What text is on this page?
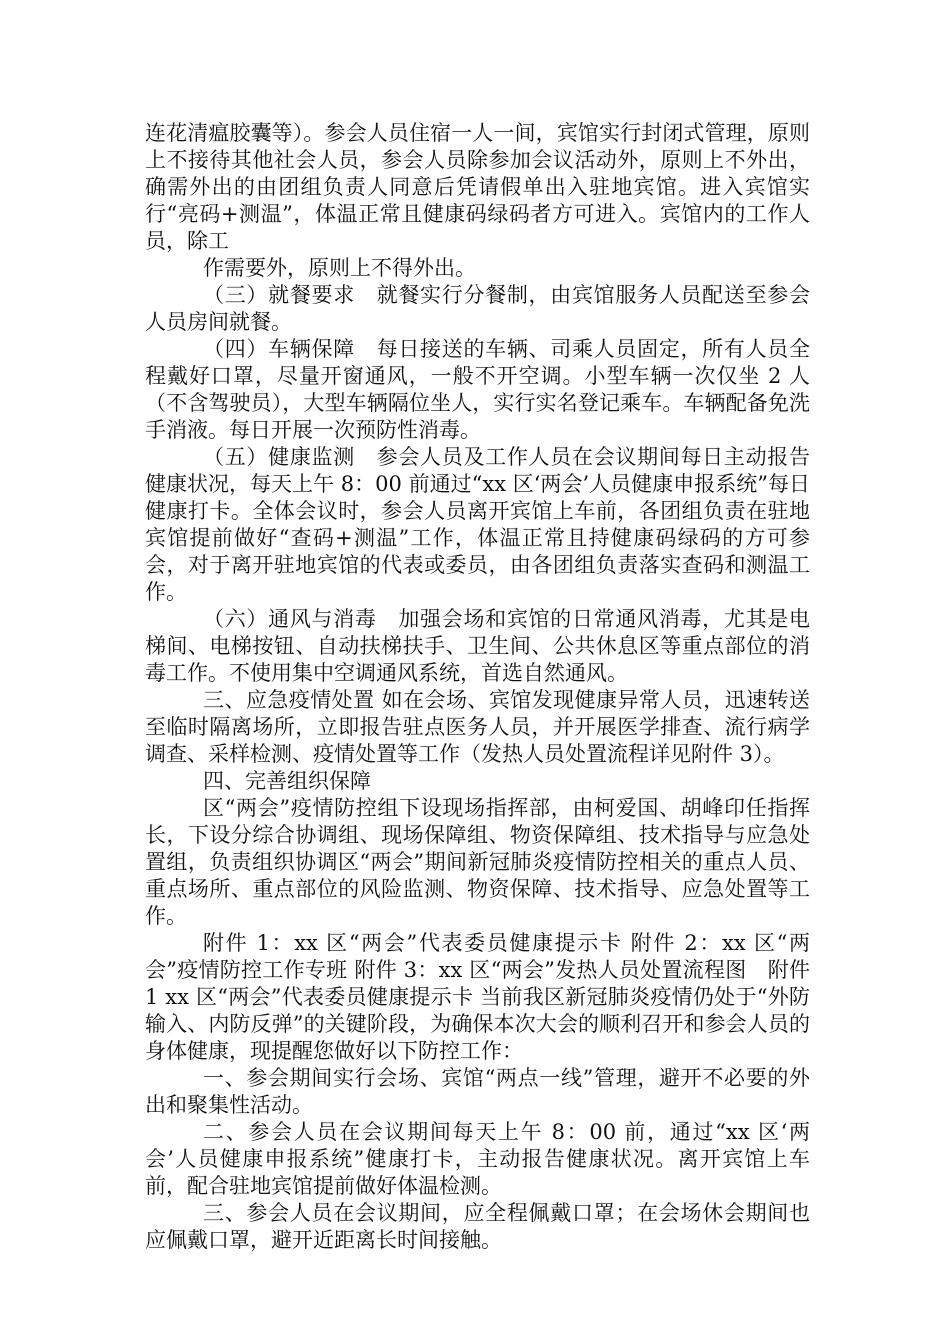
连花清瘟胶囊等）。参会人员住宿一人一间，宾馆实行封闭式管理，原则上不接待其他社会人员，参会人员除参加会议活动外，原则上不外出，确需外出的由团组负责人同意后凭请假单出入驻地宾馆。进入宾馆实行“亮码+测温”，体温正常且健康码绿码者方可进入。宾馆内的工作人员，除工

作需要外，原则上不得外出。

（三）就餐要求　就餐实行分餐制，由宾馆服务人员配送至参会人员房间就餐。

（四）车辆保障　每日接送的车辆、司乘人员固定，所有人员全程戴好口罩，尽量开窗通风，一般不开空调。小型车辆一次仅坐 2 人（不含驾驶员），大型车辆隔位坐人，实行实名登记乘车。车辆配备免洗手消液。每日开展一次预防性消毒。

（五）健康监测　参会人员及工作人员在会议期间每日主动报告健康状况，每天上午 8：00 前通过“xx 区‘两会’人员健康申报系统”每日健康打卡。全体会议时，参会人员离开宾馆上车前，各团组负责在驻地宾馆提前做好“查码+测温”工作，体温正常且持健康码绿码的方可参会，对于离开驻地宾馆的代表或委员，由各团组负责落实查码和测温工作。

（六）通风与消毒　加强会场和宾馆的日常通风消毒，尤其是电梯间、电梯按钮、自动扶梯扶手、卫生间、公共休息区等重点部位的消毒工作。不使用集中空调通风系统，首选自然通风。

三、应急疫情处置 如在会场、宾馆发现健康异常人员，迅速转送至临时隔离场所，立即报告驻点医务人员，并开展医学排查、流行病学调查、采样检测、疫情处置等工作（发热人员处置流程详见附件 3）。

四、完善组织保障

区“两会”疫情防控组下设现场指挥部，由柯爱国、胡峰印任指挥长，下设分综合协调组、现场保障组、物资保障组、技术指导与应急处置组，负责组织协调区“两会”期间新冠肺炎疫情防控相关的重点人员、重点场所、重点部位的风险监测、物资保障、技术指导、应急处置等工作。

附件 1：xx 区“两会”代表委员健康提示卡 附件 2：xx 区“两会”疫情防控工作专班 附件 3：xx 区“两会”发热人员处置流程图　附件 1 xx 区“两会”代表委员健康提示卡 当前我区新冠肺炎疫情仍处于“外防输入、内防反弹”的关键阶段，为确保本次大会的顺利召开和参会人员的身体健康，现提醒您做好以下防控工作：

一、参会期间实行会场、宾馆“两点一线”管理，避开不必要的外出和聚集性活动。

二、参会人员在会议期间每天上午 8：00 前，通过“xx 区‘两会’人员健康申报系统”健康打卡，主动报告健康状况。离开宾馆上车前，配合驻地宾馆提前做好体温检测。

三、参会人员在会议期间，应全程佩戴口罩；在会场休会期间也应佩戴口罩，避开近距离长时间接触。
